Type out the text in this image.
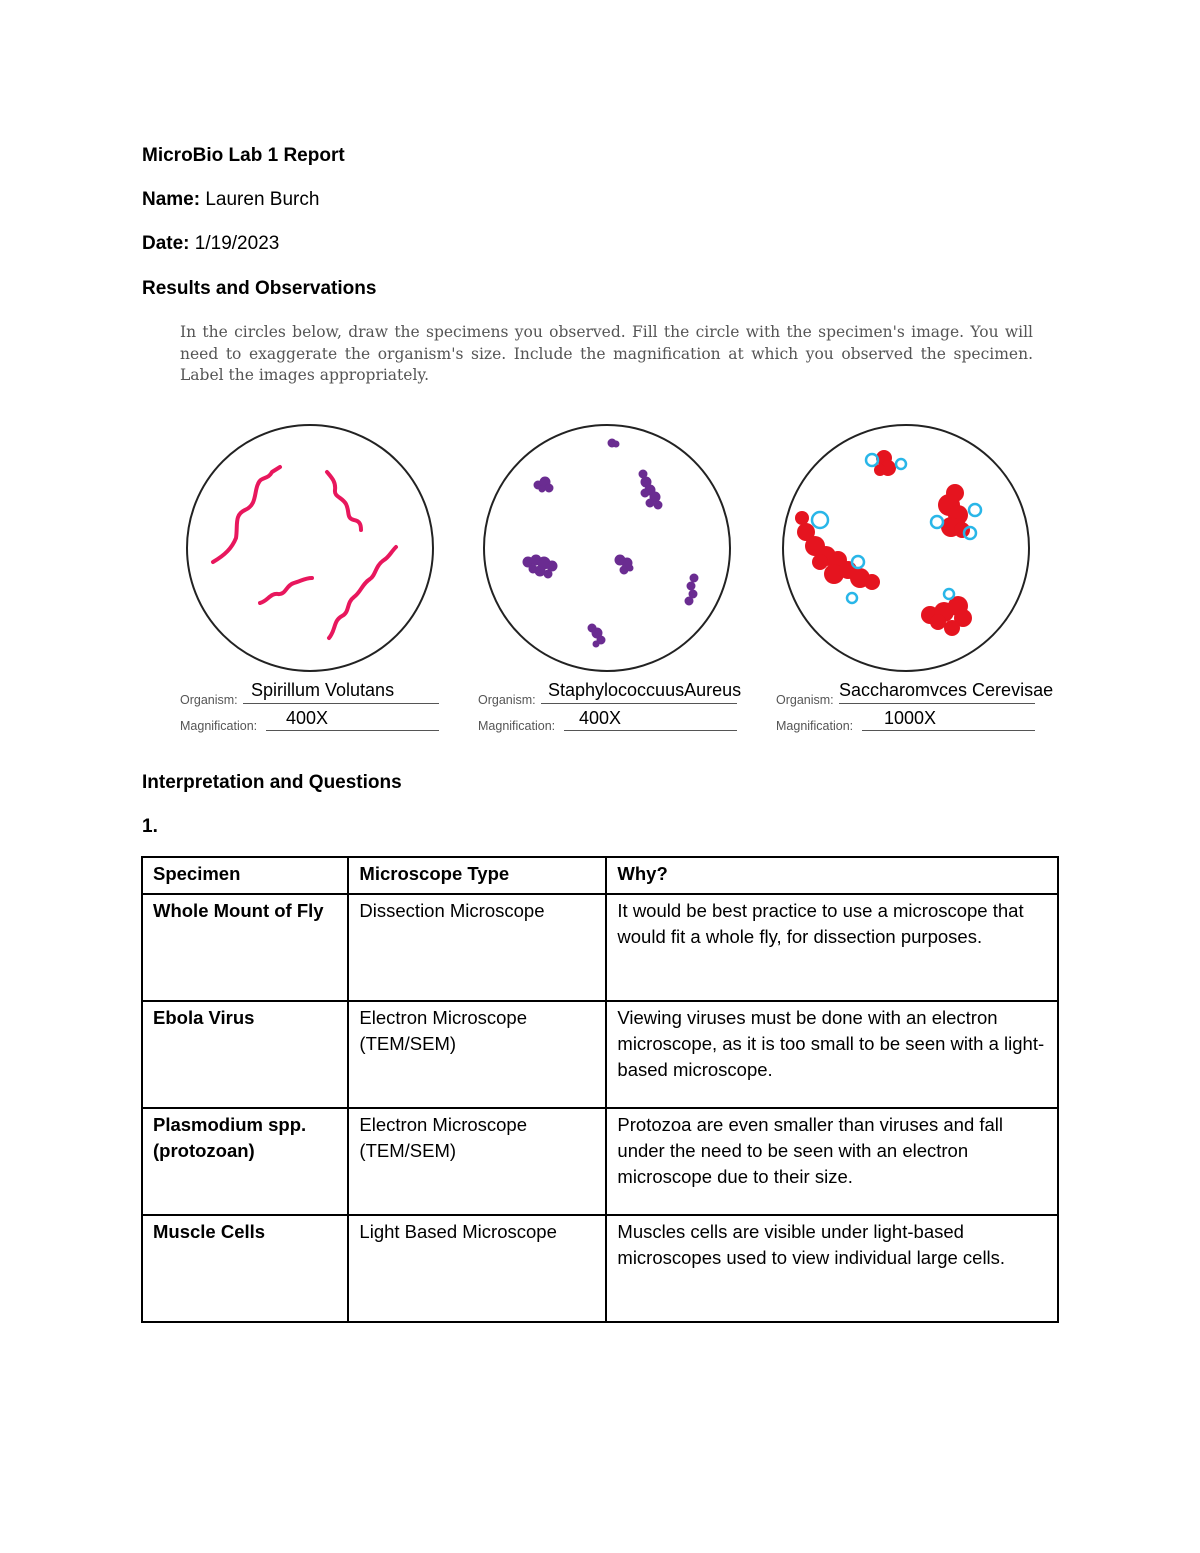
MicroBio Lab 1 Report
Name: Lauren Burch
Date: 1/19/2023
Results and Observations

In the circles below, draw the specimens you observed. Fill the circle with the specimen's image. You will need to exaggerate the organism's size. Include the magnification at which you observed the specimen. Label the images appropriately.

Organism: Spirillum Volutans
Magnification: 400X
Organism: StaphylococcuusAureus
Magnification: 400X
Organism: Saccharomvces Cerevisae
Magnification: 1000X
Interpretation and Questions
1.
Specimen	Microscope Type	Why?
Whole Mount of Fly	Dissection Microscope	It would be best practice to use a microscope that would fit a whole fly, for dissection purposes.
Ebola Virus	Electron Microscope (TEM/SEM)	Viewing viruses must be done with an electron microscope, as it is too small to be seen with a light-based microscope.
Plasmodium spp. (protozoan)	Electron Microscope (TEM/SEM)	Protozoa are even smaller than viruses and fall under the need to be seen with an electron microscope due to their size.
Muscle Cells	Light Based Microscope	Muscles cells are visible under light-based microscopes used to view individual large cells.
